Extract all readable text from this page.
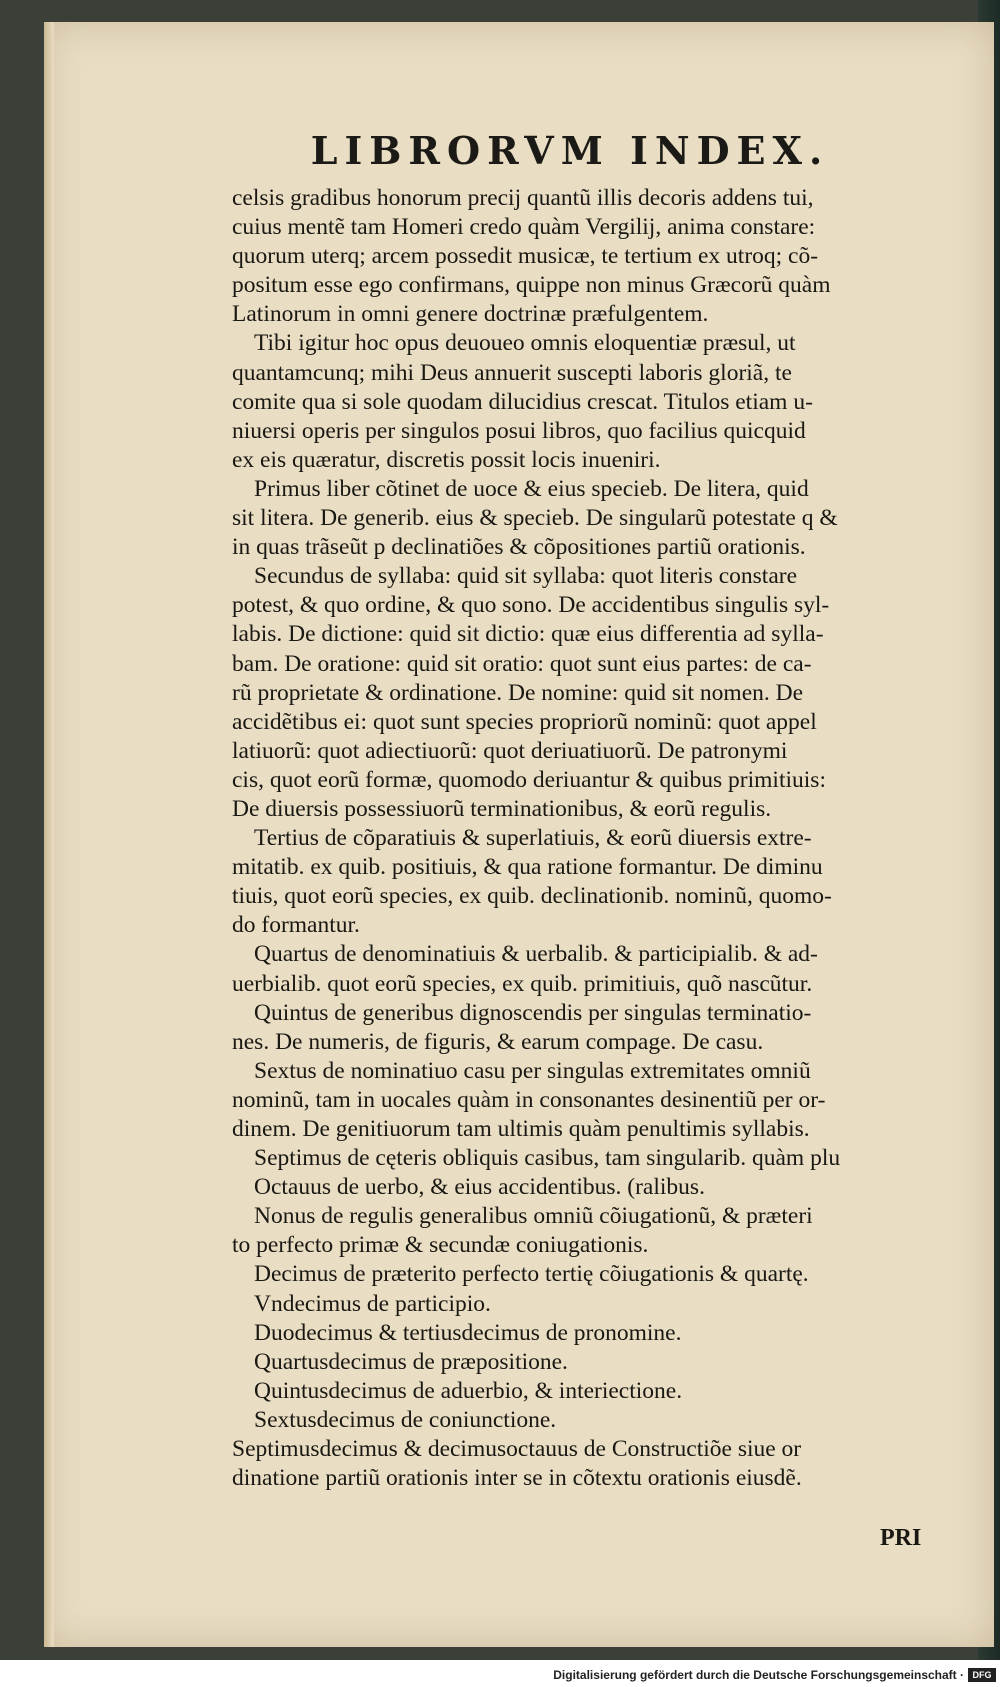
LIBRORVM INDEX.
celsis gradibus honorum precij quantũ illis decoris addens tui,
cuius mentẽ tam Homeri credo quàm Vergilij, anima constare:
quorum uterq; arcem possedit musicæ, te tertium ex utroq; cõ-
positum esse ego confirmans, quippe non minus Græcorũ quàm
Latinorum in omni genere doctrinæ præfulgentem.
Tibi igitur hoc opus deuoueo omnis eloquentiæ præsul, ut
quantamcunq; mihi Deus annuerit suscepti laboris gloriã, te
comite qua si sole quodam dilucidius crescat. Titulos etiam u-
niuersi operis per singulos posui libros, quo facilius quicquid
ex eis quæratur, discretis possit locis inueniri.
Primus liber cõtinet de uoce & eius specieb. De litera, quid
sit litera. De generib. eius & specieb. De singularũ potestate q &
in quas trãseũt p declinatiões & cõpositiones partiũ orationis.
Secundus de syllaba: quid sit syllaba: quot literis constare
potest, & quo ordine, & quo sono. De accidentibus singulis syl-
labis. De dictione: quid sit dictio: quæ eius differentia ad sylla-
bam. De oratione: quid sit oratio: quot sunt eius partes: de ca-
rũ proprietate & ordinatione. De nomine: quid sit nomen. De
accidẽtibus ei: quot sunt species propriorũ nominũ: quot appel
latiuorũ: quot adiectiuorũ: quot deriuatiuorũ. De patronymi
cis, quot eorũ formæ, quomodo deriuantur & quibus primitiuis:
De diuersis possessiuorũ terminationibus, & eorũ regulis.
Tertius de cõparatiuis & superlatiuis, & eorũ diuersis extre-
mitatib. ex quib. positiuis, & qua ratione formantur. De diminu
tiuis, quot eorũ species, ex quib. declinationib. nominũ, quomo-
do formantur.
Quartus de denominatiuis & uerbalib. & participialib. & ad-
uerbialib. quot eorũ species, ex quib. primitiuis, quõ nascũtur.
Quintus de generibus dignoscendis per singulas terminatio-
nes. De numeris, de figuris, & earum compage. De casu.
Sextus de nominatiuo casu per singulas extremitates omniũ
nominũ, tam in uocales quàm in consonantes desinentiũ per or-
dinem. De genitiuorum tam ultimis quàm penultimis syllabis.
Septimus de cęteris obliquis casibus, tam singularib. quàm plu
Octauus de uerbo, & eius accidentibus. (ralibus.
Nonus de regulis generalibus omniũ cõiugationũ, & præteri
to perfecto primæ & secundæ coniugationis.
Decimus de præterito perfecto tertię cõiugationis & quartę.
Vndecimus de participio.
Duodecimus & tertiusdecimus de pronomine.
Quartusdecimus de præpositione.
Quintusdecimus de aduerbio, & interiectione.
Sextusdecimus de coniunctione.
Septimusdecimus & decimusoctauus de Constructiõe siue or
dinatione partiũ orationis inter se in cõtextu orationis eiusdẽ.
PRI
Digitalisierung gefördert durch die Deutsche Forschungsgemeinschaft · DFG
